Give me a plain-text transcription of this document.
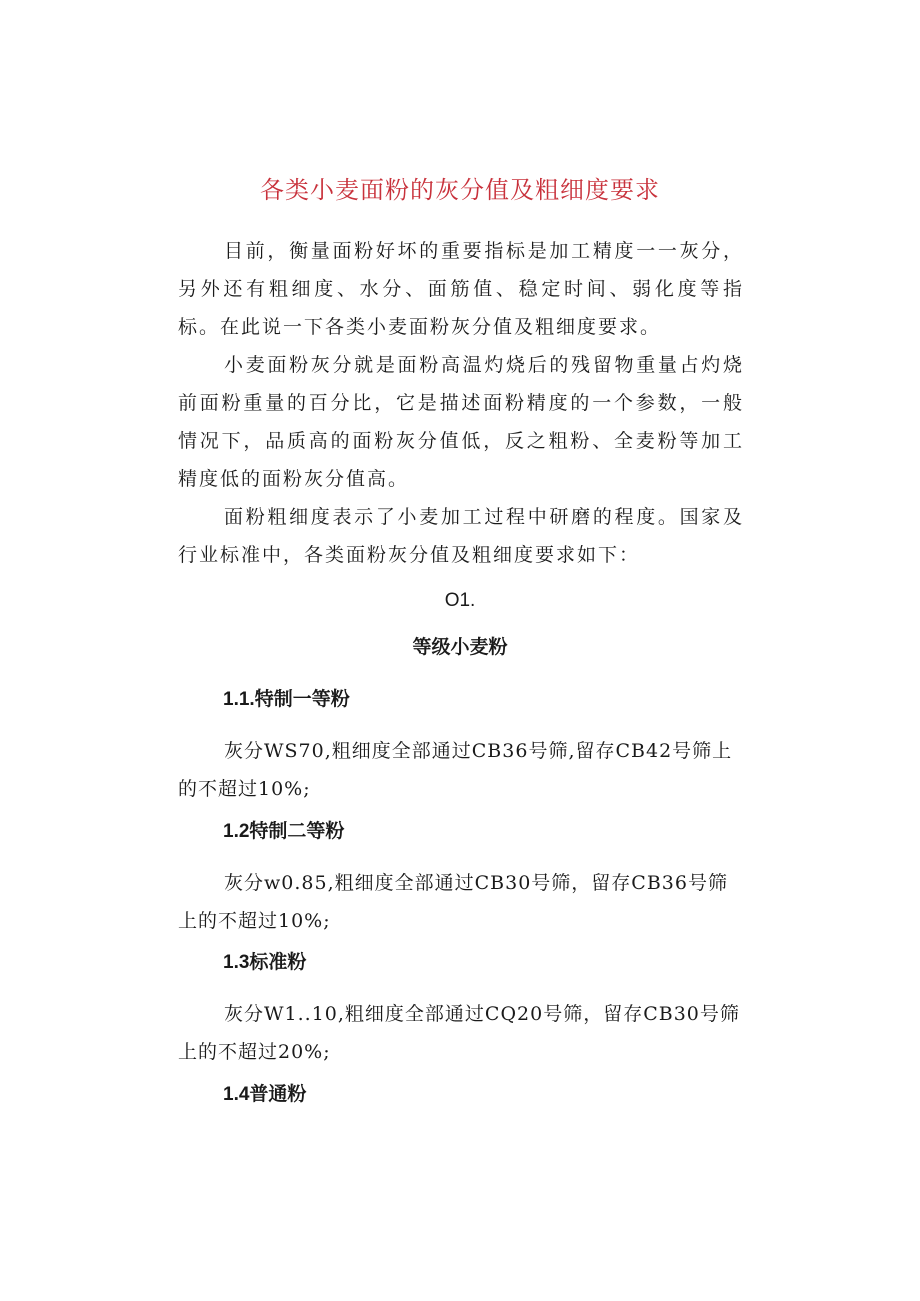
各类小麦面粉的灰分值及粗细度要求
目前，衡量面粉好坏的重要指标是加工精度一一灰分，另外还有粗细度、水分、面筋值、稳定时间、弱化度等指标。在此说一下各类小麦面粉灰分值及粗细度要求。
小麦面粉灰分就是面粉高温灼烧后的残留物重量占灼烧前面粉重量的百分比，它是描述面粉精度的一个参数，一般情况下，品质高的面粉灰分值低，反之粗粉、全麦粉等加工精度低的面粉灰分值高。
面粉粗细度表示了小麦加工过程中研磨的程度。国家及行业标准中，各类面粉灰分值及粗细度要求如下：
O1.
等级小麦粉
1.1.特制一等粉
灰分WS70,粗细度全部通过CB36号筛,留存CB42号筛上的不超过10%;
1.2特制二等粉
灰分w0.85,粗细度全部通过CB30号筛，留存CB36号筛上的不超过10%;
1.3标准粉
灰分W1..10,粗细度全部通过CQ20号筛，留存CB30号筛上的不超过20%;
1.4普通粉
